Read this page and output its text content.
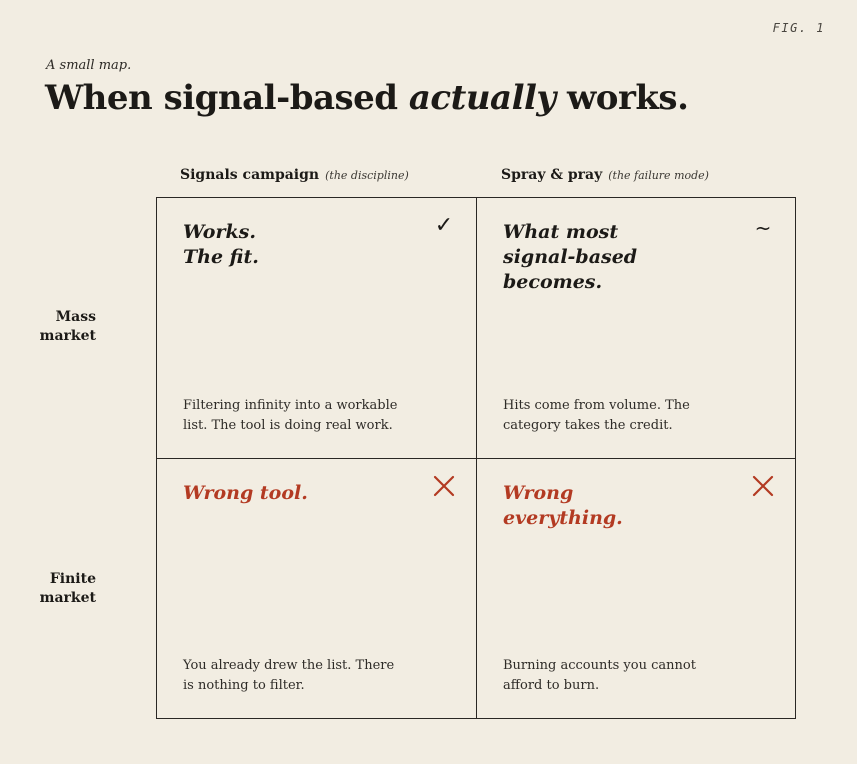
FIG. 1
A small map.
When signal-based actually works.
Signals campaign (the discipline)	Spray & pray (the failure mode)
Mass
market
Finite
market
Works.
The fit.
✓
Filtering infinity into a workable
list. The tool is doing real work.
What most
signal-based
becomes.
~
Hits come from volume. The
category takes the credit.
Wrong tool.
You already drew the list. There
is nothing to filter.
Wrong
everything.
Burning accounts you cannot
afford to burn.
